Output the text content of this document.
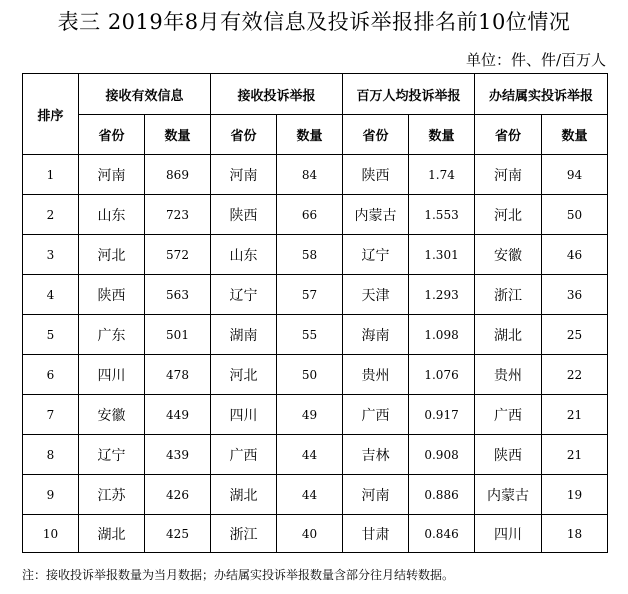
表三 2019年8月有效信息及投诉举报排名前10位情况
单位：件、件/百万人
排序	接收有效信息		接收投诉举报		百万人均投诉举报		办结属实投诉举报	
	省份	数量	省份	数量	省份	数量	省份	数量
1	河南	869	河南	84	陕西	1.74	河南	94
2	山东	723	陕西	66	内蒙古	1.553	河北	50
3	河北	572	山东	58	辽宁	1.301	安徽	46
4	陕西	563	辽宁	57	天津	1.293	浙江	36
5	广东	501	湖南	55	海南	1.098	湖北	25
6	四川	478	河北	50	贵州	1.076	贵州	22
7	安徽	449	四川	49	广西	0.917	广西	21
8	辽宁	439	广西	44	吉林	0.908	陕西	21
9	江苏	426	湖北	44	河南	0.886	内蒙古	19
10	湖北	425	浙江	40	甘肃	0.846	四川	18
注：接收投诉举报数量为当月数据；办结属实投诉举报数量含部分往月结转数据。
